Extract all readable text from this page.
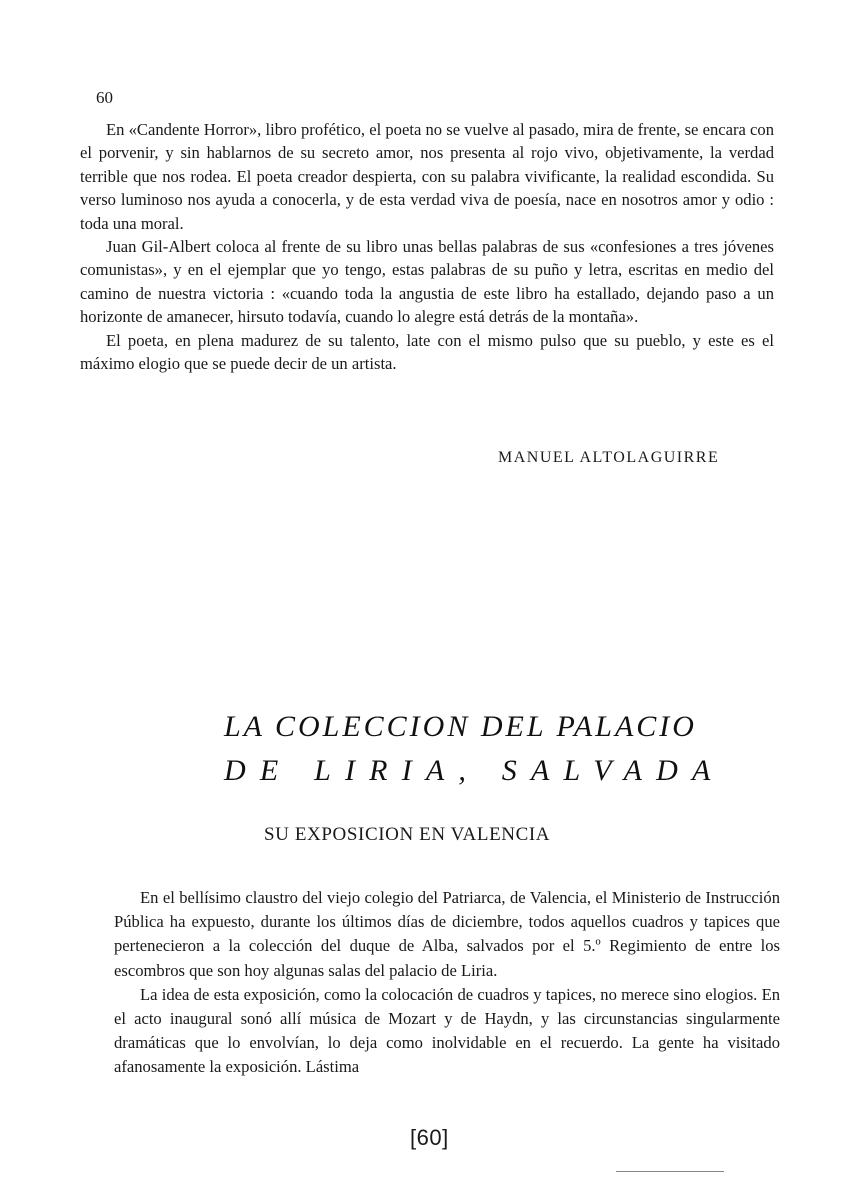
60

En «Candente Horror», libro profético, el poeta no se vuelve al pasado, mira de frente, se encara con el porvenir, y sin hablarnos de su secreto amor, nos presenta al rojo vivo, objetivamente, la verdad terrible que nos rodea. El poeta creador despierta, con su palabra vivificante, la realidad escondida. Su verso luminoso nos ayuda a conocerla, y de esta verdad viva de poesía, nace en nosotros amor y odio : toda una moral.

Juan Gil-Albert coloca al frente de su libro unas bellas palabras de sus «confesiones a tres jóvenes comunistas», y en el ejemplar que yo tengo, estas palabras de su puño y letra, escritas en medio del camino de nuestra victoria : «cuando toda la angustia de este libro ha estallado, dejando paso a un horizonte de amanecer, hirsuto todavía, cuando lo alegre está detrás de la montaña».

El poeta, en plena madurez de su talento, late con el mismo pulso que su pueblo, y este es el máximo elogio que se puede decir de un artista.

MANUEL ALTOLAGUIRRE
LA COLECCION DEL PALACIO
DE LIRIA, SALVADA
SU EXPOSICION EN VALENCIA

En el bellísimo claustro del viejo colegio del Patriarca, de Valencia, el Ministerio de Instrucción Pública ha expuesto, durante los últimos días de diciembre, todos aquellos cuadros y tapices que pertenecieron a la colección del duque de Alba, salvados por el 5.º Regimiento de entre los escombros que son hoy algunas salas del palacio de Liria.

La idea de esta exposición, como la colocación de cuadros y tapices, no merece sino elogios. En el acto inaugural sonó allí música de Mozart y de Haydn, y las circunstancias singularmente dramáticas que lo envolvían, lo deja como inolvidable en el recuerdo. La gente ha visitado afanosamente la exposición. Lástima

[60]
